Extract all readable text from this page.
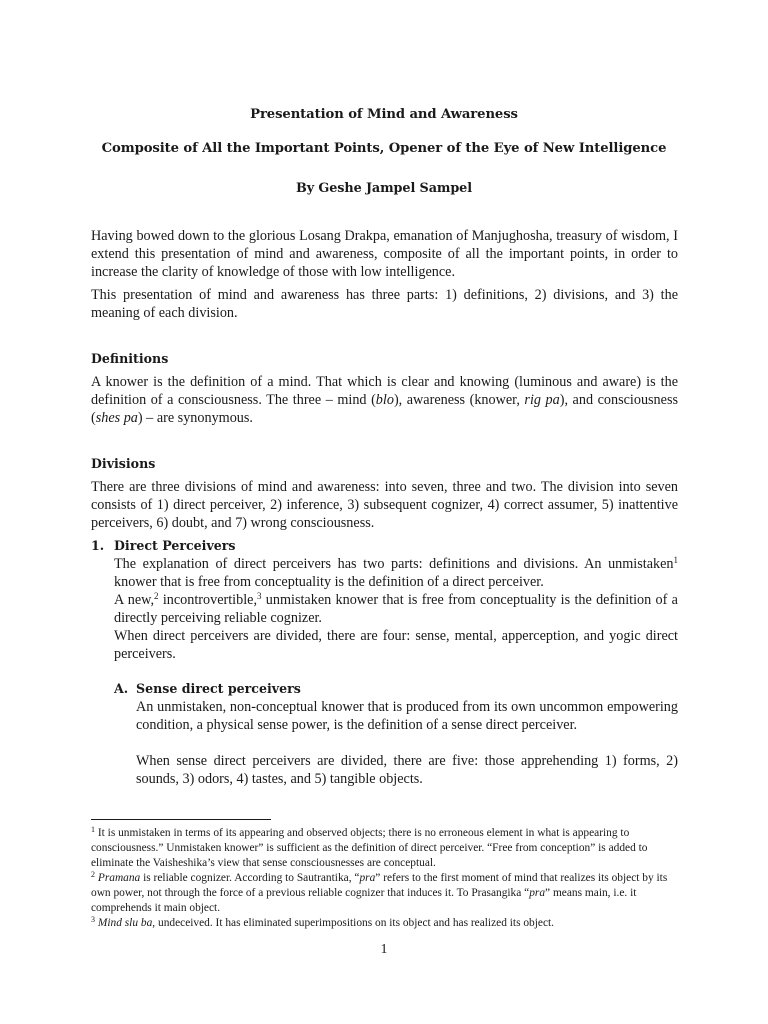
Presentation of Mind and Awareness
Composite of All the Important Points, Opener of the Eye of New Intelligence
By Geshe Jampel Sampel

Having bowed down to the glorious Losang Drakpa, emanation of Manjughosha, treasury of wisdom, I extend this presentation of mind and awareness, composite of all the important points, in order to increase the clarity of knowledge of those with low intelligence.

This presentation of mind and awareness has three parts: 1) definitions, 2) divisions, and 3) the meaning of each division.

Definitions

A knower is the definition of a mind. That which is clear and knowing (luminous and aware) is the definition of a consciousness. The three – mind (blo), awareness (knower, rig pa), and consciousness (shes pa) – are synonymous.

Divisions

There are three divisions of mind and awareness: into seven, three and two. The division into seven consists of 1) direct perceiver, 2) inference, 3) subsequent cognizer, 4) correct assumer, 5) inattentive perceivers, 6) doubt, and 7) wrong consciousness.

1. Direct Perceivers

The explanation of direct perceivers has two parts: definitions and divisions. An unmistaken$^1$ knower that is free from conceptuality is the definition of a direct perceiver.

A new,$^2$ incontrovertible,$^3$ unmistaken knower that is free from conceptuality is the definition of a directly perceiving reliable cognizer.

When direct perceivers are divided, there are four: sense, mental, apperception, and yogic direct perceivers.

A. Sense direct perceivers

An unmistaken, non-conceptual knower that is produced from its own uncommon empowering condition, a physical sense power, is the definition of a sense direct perceiver.

When sense direct perceivers are divided, there are five: those apprehending 1) forms, 2) sounds, 3) odors, 4) tastes, and 5) tangible objects.

$^1$ It is unmistaken in terms of its appearing and observed objects; there is no erroneous element in what is appearing to consciousness.” Unmistaken knower” is sufficient as the definition of direct perceiver. “Free from conception” is added to eliminate the Vaisheshika’s view that sense consciousnesses are conceptual.

$^2$ Pramana is reliable cognizer. According to Sautrantika, “pra” refers to the first moment of mind that realizes its object by its own power, not through the force of a previous reliable cognizer that induces it. To Prasangika “pra” means main, i.e. it comprehends it main object.

$^3$ Mind slu ba, undeceived. It has eliminated superimpositions on its object and has realized its object.

1
